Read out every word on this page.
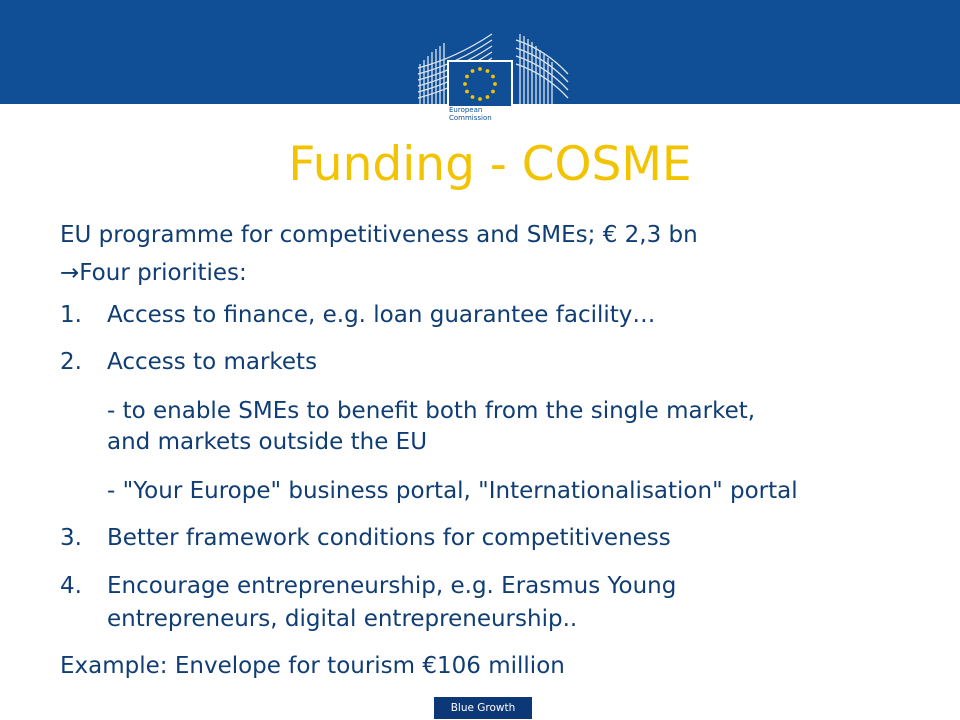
European
Commission
Funding - COSME

EU programme for competitiveness and SMEs; € 2,3 bn

→Four priorities:

1. Access to finance, e.g. loan guarantee facility…

2. Access to markets

- to enable SMEs to benefit both from the single market,

and markets outside the EU

- "Your Europe" business portal, "Internationalisation" portal

3. Better framework conditions for competitiveness

4. Encourage entrepreneurship, e.g. Erasmus Young

entrepreneurs, digital entrepreneurship..

Example: Envelope for tourism €106 million

Blue Growth
